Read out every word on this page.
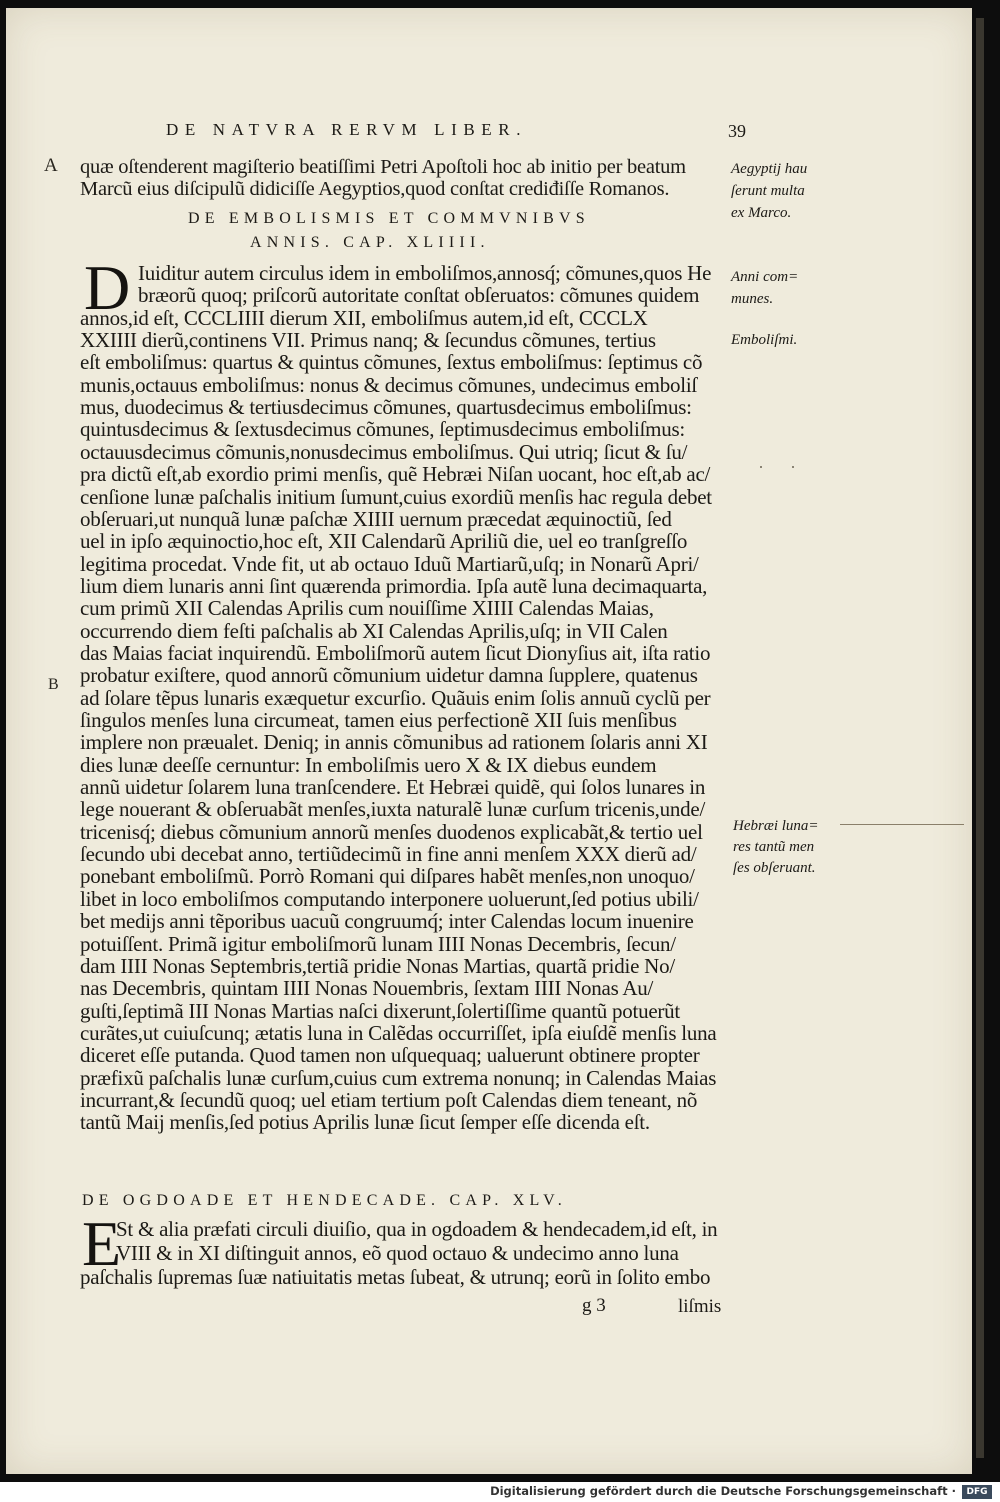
DE NATVRA RERVM LIBER.	39
A
B
quæ oſtenderent magiſterio beatiſſimi Petri Apoſtoli hoc ab initio per beatum
Marcũ eius diſcipulũ didiciſſe Aegyptios,quod conſtat crediđiſſe Romanos.
DE EMBOLISMIS ET COMMVNIBVS
ANNIS. CAP. XLIIII.
D Iuiditur autem circulus idem in emboliſmos,annosq́; cõmunes,quos He
bræorũ quoq; priſcorũ autoritate conſtat obſeruatos: cõmunes quidem
annos,id eſt, CCCLIIII dierum XII, emboliſmus autem,id eſt, CCCLX
XXIIII dierũ,continens VII. Primus nanq; & ſecundus cõmunes, tertius
eſt emboliſmus: quartus & quintus cõmunes, ſextus emboliſmus: ſeptimus cõ
munis,octauus emboliſmus: nonus & decimus cõmunes, undecimus emboliſ
mus, duodecimus & tertiusdecimus cõmunes, quartusdecimus emboliſmus:
quintusdecimus & ſextusdecimus cõmunes, ſeptimusdecimus emboliſmus:
octauusdecimus cõmunis,nonusdecimus emboliſmus. Qui utriq; ſicut & ſu/
pra dictũ eſt,ab exordio primi menſis, quẽ Hebræi Niſan uocant, hoc eſt,ab ac/
cenſione lunæ paſchalis initium ſumunt,cuius exordiũ menſis hac regula debet
obſeruari,ut nunquã lunæ paſchæ XIIII uernum præcedat æquinoctiũ, ſed
uel in ipſo æquinoctio,hoc eſt, XII Calendarũ Apriliũ die, uel eo tranſgreſſo
legitima procedat. Vnde fit, ut ab octauo Iduũ Martiarũ,uſq; in Nonarũ Apri/
lium diem lunaris anni ſint quærenda primordia. Ipſa autẽ luna decimaquarta,
cum primũ XII Calendas Aprilis cum nouiſſime XIIII Calendas Maias,
occurrendo diem feſti paſchalis ab XI Calendas Aprilis,uſq; in VII Calen
das Maias faciat inquirendũ. Emboliſmorũ autem ſicut Dionyſius ait, iſta ratio
probatur exiſtere, quod annorũ cõmunium uidetur damna ſupplere, quatenus
ad ſolare tẽpus lunaris exæquetur excurſio. Quãuis enim ſolis annuũ cyclũ per
ſingulos menſes luna circumeat, tamen eius perfectionẽ XII ſuis menſibus
implere non præualet. Deniq; in annis cõmunibus ad rationem ſolaris anni XI
dies lunæ deeſſe cernuntur: In emboliſmis uero X & IX diebus eundem
annũ uidetur ſolarem luna tranſcendere. Et Hebræi quidẽ, qui ſolos lunares in
lege nouerant & obſeruabãt menſes,iuxta naturalẽ lunæ curſum tricenis,unde/
tricenisq́; diebus cõmunium annorũ menſes duodenos explicabãt,& tertio uel
ſecundo ubi decebat anno, tertiũdecimũ in fine anni menſem XXX dierũ ad/
ponebant emboliſmũ. Porrò Romani qui diſpares habẽt menſes,non unoquo/
libet in loco emboliſmos computando interponere uoluerunt,ſed potius ubili/
bet medijs anni tẽporibus uacuũ congruumq́; inter Calendas locum inuenire
potuiſſent. Primã igitur emboliſmorũ lunam IIII Nonas Decembris, ſecun/
dam IIII Nonas Septembris,tertiã pridie Nonas Martias, quartã pridie No/
nas Decembris, quintam IIII Nonas Nouembris, ſextam IIII Nonas Au/
guſti,ſeptimã III Nonas Martias naſci dixerunt,ſolertiſſime quantũ potuerũt
curãtes,ut cuiuſcunq; ætatis luna in Calẽdas occurriſſet, ipſa eiuſdẽ menſis luna
diceret eſſe putanda. Quod tamen non uſquequaq; ualuerunt obtinere propter
præfixũ paſchalis lunæ curſum,cuius cum extrema nonunq; in Calendas Maias
incurrant,& ſecundũ quoq; uel etiam tertium poſt Calendas diem teneant, nõ
tantũ Maij menſis,ſed potius Aprilis lunæ ſicut ſemper eſſe dicenda eſt.
DE OGDOADE ET HENDECADE. CAP. XLV.
E
St & alia præfati circuli diuiſio, qua in ogdoadem & hendecadem,id eſt, in
VIII & in XI diſtinguit annos, eõ quod octauo & undecimo anno luna
paſchalis ſupremas ſuæ natiuitatis metas ſubeat, & utrunq; eorũ in ſolito embo
g 3	liſmis
Aegyptij hau
ſerunt multa
ex Marco.
Anni com=
munes.
Emboliſmi.
Hebræi luna=
res tantũ men
ſes obſeruant.
Digitalisierung gefördert durch die Deutsche Forschungsgemeinschaft ·	DFG
